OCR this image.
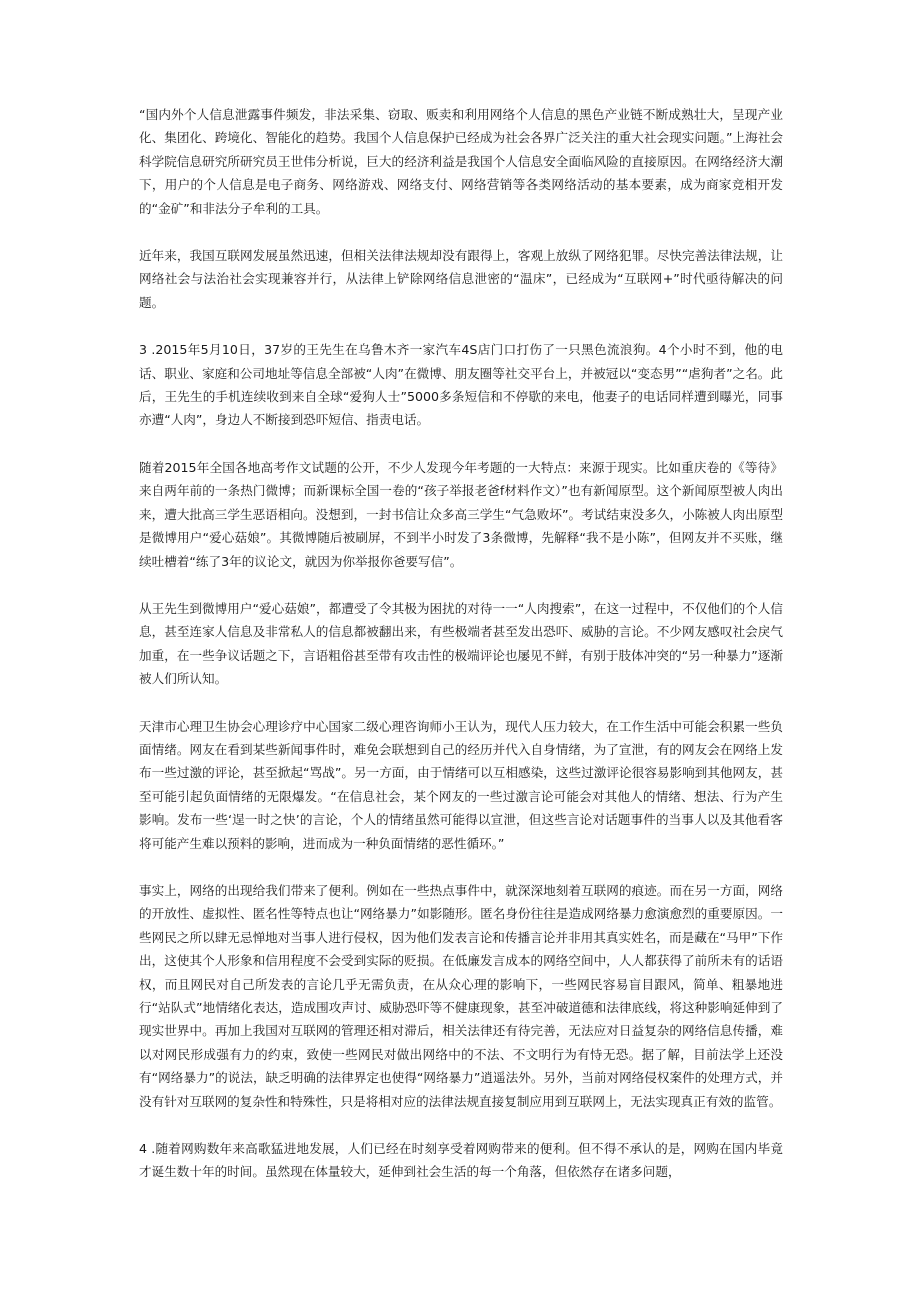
“国内外个人信息泄露事件频发，非法采集、窃取、贩卖和利用网络个人信息的黑色产业链不断成熟壮大，呈现产业化、集团化、跨境化、智能化的趋势。我国个人信息保护已经成为社会各界广泛关注的重大社会现实问题。”上海社会科学院信息研究所研究员王世伟分析说，巨大的经济利益是我国个人信息安全面临风险的直接原因。在网络经济大潮下，用户的个人信息是电子商务、网络游戏、网络支付、网络营销等各类网络活动的基本要素，成为商家竞相开发的“金矿”和非法分子牟利的工具。

近年来，我国互联网发展虽然迅速，但相关法律法规却没有跟得上，客观上放纵了网络犯罪。尽快完善法律法规，让网络社会与法治社会实现兼容并行，从法律上铲除网络信息泄密的“温床”，已经成为“互联网+”时代亟待解决的问题。

3 .2015年5月10日，37岁的王先生在乌鲁木齐一家汽车4S店门口打伤了一只黑色流浪狗。4个小时不到，他的电话、职业、家庭和公司地址等信息全部被“人肉”在微博、朋友圈等社交平台上，并被冠以“变态男”“虐狗者”之名。此后，王先生的手机连续收到来自全球“爱狗人士”5000多条短信和不停歇的来电，他妻子的电话同样遭到曝光，同事亦遭“人肉”，身边人不断接到恐吓短信、指责电话。

随着2015年全国各地高考作文试题的公开，不少人发现今年考题的一大特点：来源于现实。比如重庆卷的《等待》来自两年前的一条热门微博；而新课标全国一卷的“孩子举报老爸f材料作文）”也有新闻原型。这个新闻原型被人肉出来，遭大批高三学生恶语相向。没想到，一封书信让众多高三学生“气急败坏”。考试结束没多久，小陈被人肉出原型是微博用户“爱心菇娘”。其微博随后被刷屏，不到半小时发了3条微博，先解释“我不是小陈”，但网友并不买账，继续吐槽着“练了3年的议论文，就因为你举报你爸要写信”。

从王先生到微博用户“爱心菇娘”，都遭受了令其极为困扰的对待一一“人肉搜索”，在这一过程中，不仅他们的个人信息，甚至连家人信息及非常私人的信息都被翻出来，有些极端者甚至发出恐吓、威胁的言论。不少网友感叹社会戾气加重，在一些争议话题之下，言语粗俗甚至带有攻击性的极端评论也屡见不鲜，有别于肢体冲突的“另一种暴力”逐渐被人们所认知。

天津市心理卫生协会心理诊疗中心国家二级心理咨询师小王认为，现代人压力较大，在工作生活中可能会积累一些负面情绪。网友在看到某些新闻事件时，难免会联想到自己的经历并代入自身情绪，为了宣泄，有的网友会在网络上发布一些过激的评论，甚至掀起“骂战”。另一方面，由于情绪可以互相感染，这些过激评论很容易影响到其他网友，甚至可能引起负面情绪的无限爆发。“在信息社会，某个网友的一些过激言论可能会对其他人的情绪、想法、行为产生影响。发布一些‘逞一时之快’的言论，个人的情绪虽然可能得以宣泄，但这些言论对话题事件的当事人以及其他看客将可能产生难以预料的影响，进而成为一种负面情绪的恶性循环。”

事实上，网络的出现给我们带来了便利。例如在一些热点事件中，就深深地刻着互联网的痕迹。而在另一方面，网络的开放性、虚拟性、匿名性等特点也让“网络暴力”如影随形。匿名身份往往是造成网络暴力愈演愈烈的重要原因。一些网民之所以肆无忌惮地对当事人进行侵权，因为他们发表言论和传播言论并非用其真实姓名，而是藏在“马甲”下作出，这使其个人形象和信用程度不会受到实际的贬损。在低廉发言成本的网络空间中，人人都获得了前所未有的话语权，而且网民对自己所发表的言论几乎无需负责，在从众心理的影响下，一些网民容易盲目跟风，简单、粗暴地进行“站队式”地情绪化表达，造成围攻声讨、威胁恐吓等不健康现象，甚至冲破道德和法律底线，将这种影响延伸到了现实世界中。再加上我国对互联网的管理还相对滞后，相关法律还有待完善，无法应对日益复杂的网络信息传播，难以对网民形成强有力的约束，致使一些网民对做出网络中的不法、不文明行为有恃无恐。据了解，目前法学上还没有“网络暴力”的说法，缺乏明确的法律界定也使得“网络暴力”逍遥法外。另外，当前对网络侵权案件的处理方式，并没有针对互联网的复杂性和特殊性，只是将相对应的法律法规直接复制应用到互联网上，无法实现真正有效的监管。

4 .随着网购数年来高歌猛进地发展，人们已经在时刻享受着网购带来的便利。但不得不承认的是，网购在国内毕竟才诞生数十年的时间。虽然现在体量较大，延伸到社会生活的每一个角落，但依然存在诸多问题，
